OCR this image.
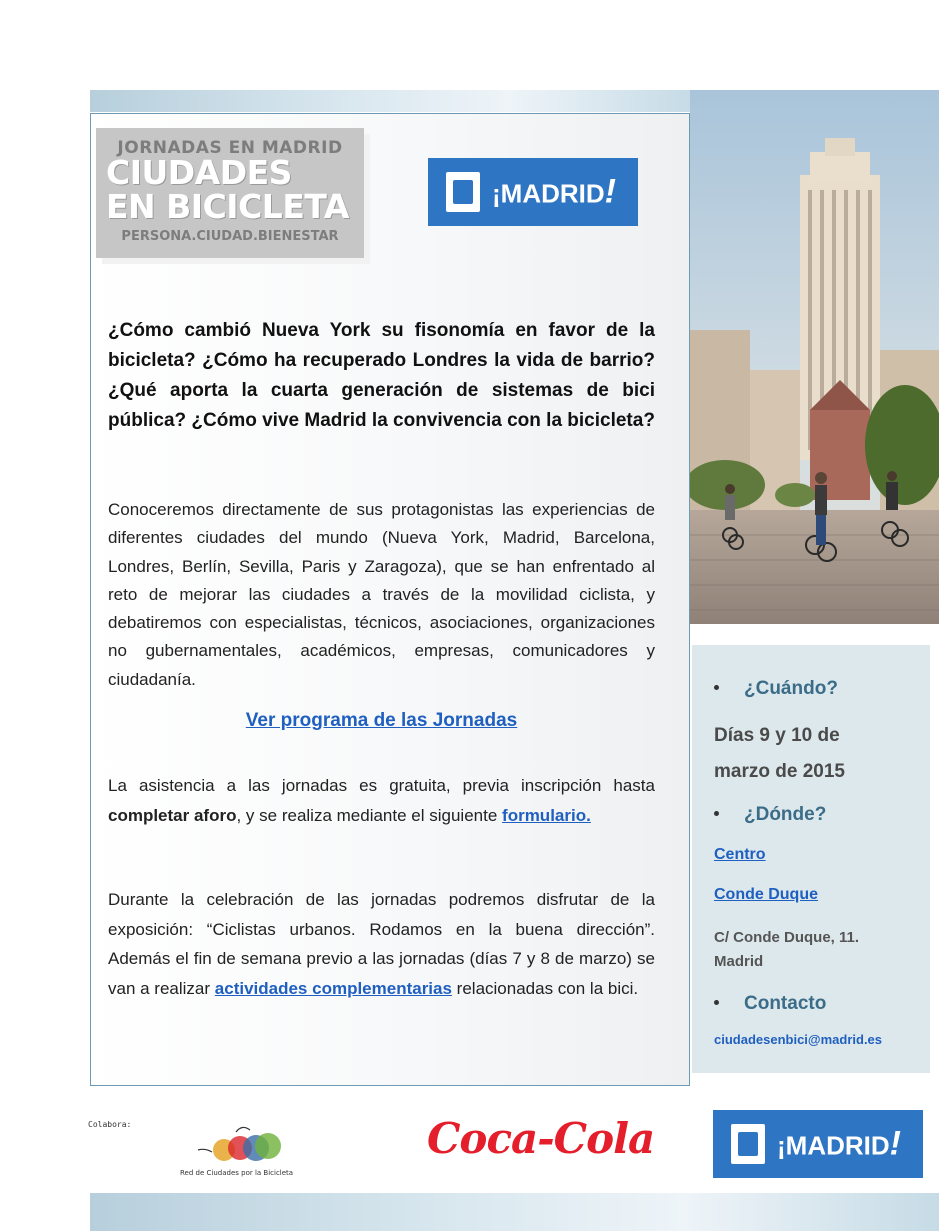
JORNADAS EN MADRID
CIUDADES
EN BICICLETA
PERSONA.CIUDAD.BIENESTAR
¡MADRID!
¿Cómo cambió Nueva York su fisonomía en favor de la bicicleta? ¿Cómo ha recuperado Londres la vida de barrio? ¿Qué aporta la cuarta generación de sistemas de bici pública? ¿Cómo vive Madrid la convivencia con la bicicleta?
Conoceremos directamente de sus protagonistas las experiencias de diferentes ciudades del mundo (Nueva York, Madrid, Barcelona, Londres, Berlín, Sevilla, Paris y Zaragoza), que se han enfrentado al reto de mejorar las ciudades a través de la movilidad ciclista, y debatiremos con especialistas, técnicos, asociaciones, organizaciones no gubernamentales, académicos, empresas, comunicadores y ciudadanía.
Ver programa de las Jornadas
La asistencia a las jornadas es gratuita, previa inscripción hasta completar aforo, y se realiza mediante el siguiente formulario.
Durante la celebración de las jornadas podremos disfrutar de la exposición: “Ciclistas urbanos. Rodamos en la buena dirección”. Además el fin de semana previo a las jornadas (días 7 y 8 de marzo) se van a realizar actividades complementarias relacionadas con la bici.
¿Cuándo?
Días 9 y 10 de
marzo de 2015
¿Dónde?
Centro
Conde Duque
C/ Conde Duque, 11.
Madrid
Contacto
ciudadesenbici@madrid.es
Colabora:
Red de Ciudades por la Bicicleta
Coca-Cola	¡MADRID!
